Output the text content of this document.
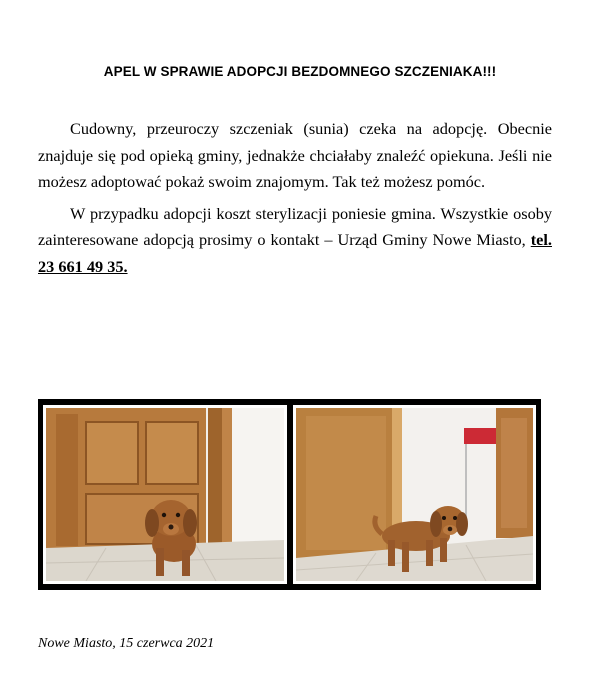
APEL W SPRAWIE ADOPCJI BEZDOMNEGO SZCZENIAKA!!!

Cudowny, przeuroczy szczeniak (sunia) czeka na adopcję. Obecnie znajduje się pod opieką gminy, jednakże chciałaby znaleźć opiekuna. Jeśli nie możesz adoptować pokaż swoim znajomym. Tak też możesz pomóc.

W przypadku adopcji koszt sterylizacji poniesie gmina. Wszystkie osoby zainteresowane adopcją prosimy o kontakt – Urząd Gminy Nowe Miasto, tel. 23 661 49 35.

Nowe Miasto, 15 czerwca 2021
